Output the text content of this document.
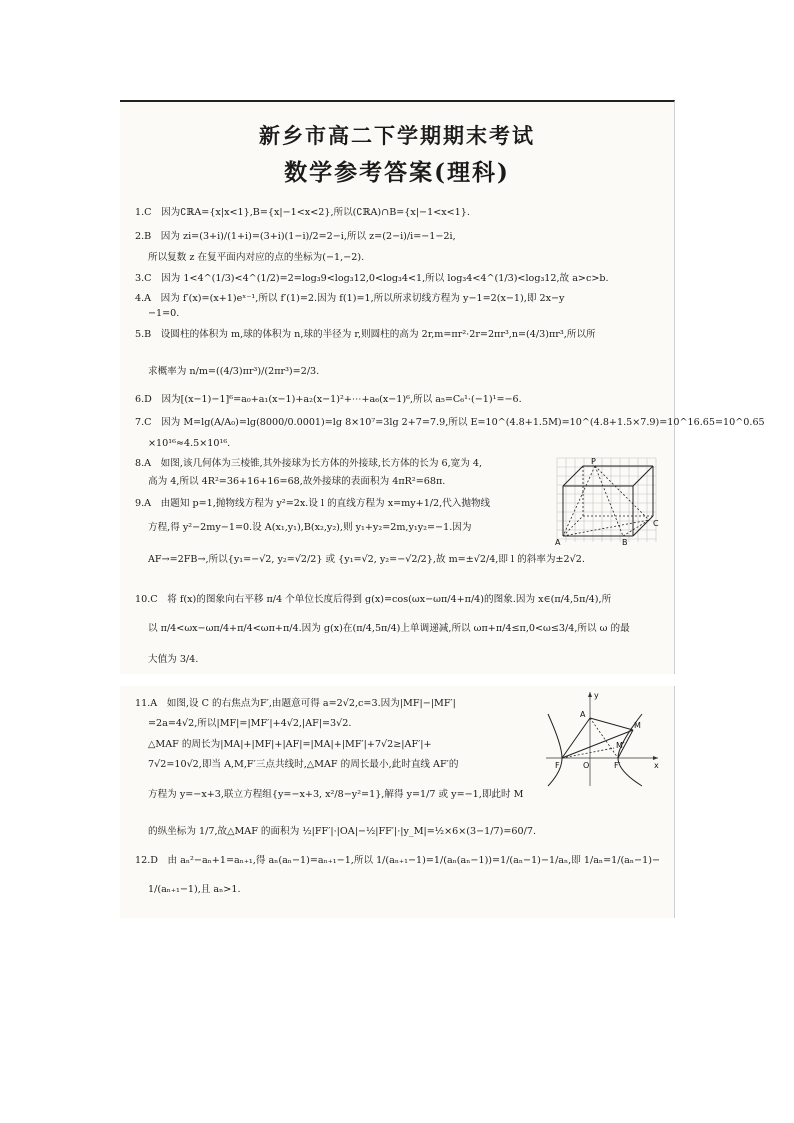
新乡市高二下学期期末考试
数学参考答案(理科)
1.C　因为∁ℝA={x|x<1},B={x|−1<x<2},所以(∁ℝA)∩B={x|−1<x<1}.
2.B　因为 zi=(3+i)/(1+i)=(3+i)(1−i)/2=2−i,所以 z=(2−i)/i=−1−2i,
所以复数 z 在复平面内对应的点的坐标为(−1,−2).
3.C　因为 1<4^(1/3)<4^(1/2)=2=log₃9<log₃12,0<log₃4<1,所以 log₃4<4^(1/3)<log₃12,故 a>c>b.
4.A　因为 f′(x)=(x+1)eˣ⁻¹,所以 f′(1)=2.因为 f(1)=1,所以所求切线方程为 y−1=2(x−1),即 2x−y
−1=0.
5.B　设圆柱的体积为 m,球的体积为 n,球的半径为 r,则圆柱的高为 2r,m=πr²·2r=2πr³,n=(4/3)πr³,所以所
求概率为 n/m=((4/3)πr³)/(2πr³)=2/3.
6.D　因为[(x−1)−1]⁶=a₀+a₁(x−1)+a₂(x−1)²+⋯+a₆(x−1)⁶,所以 a₅=C₆¹·(−1)¹=−6.
7.C　因为 M=lg(A/A₀)=lg(8000/0.0001)=lg 8×10⁷=3lg 2+7=7.9,所以 E=10^(4.8+1.5M)=10^(4.8+1.5×7.9)=10^16.65=10^0.65
×10¹⁶≈4.5×10¹⁶.
8.A　如图,该几何体为三棱锥,其外接球为长方体的外接球,长方体的长为 6,宽为 4,
高为 4,所以 4R²=36+16+16=68,故外接球的表面积为 4πR²=68π.
9.A　由题知 p=1,抛物线方程为 y²=2x.设 l 的直线方程为 x=my+1/2,代入抛物线
方程,得 y²−2my−1=0.设 A(x₁,y₁),B(x₂,y₂),则 y₁+y₂=2m,y₁y₂=−1.因为
AF→=2FB→,所以{y₁=−√2, y₂=√2/2} 或 {y₁=√2, y₂=−√2/2},故 m=±√2/4,即 l 的斜率为±2√2.
P
A	B
C
10.C　将 f(x)的图象向右平移 π/4 个单位长度后得到 g(x)=cos(ωx−ωπ/4+π/4)的图象.因为 x∈(π/4,5π/4),所
以 π/4<ωx−ωπ/4+π/4<ωπ+π/4.因为 g(x)在(π/4,5π/4)上单调递减,所以 ωπ+π/4≤π,0<ω≤3/4,所以 ω 的最
大值为 3/4.
11.A　如图,设 C 的右焦点为F′,由题意可得 a=2√2,c=3.因为|MF|−|MF′|
=2a=4√2,所以|MF|=|MF′|+4√2,|AF|=3√2.
△MAF 的周长为|MA|+|MF|+|AF|=|MA|+|MF′|+7√2≥|AF′|+
7√2=10√2,即当 A,M,F′三点共线时,△MAF 的周长最小,此时直线 AF′的
方程为 y=−x+3,联立方程组{y=−x+3, x²/8−y²=1},解得 y=1/7 或 y=−1,即此时 M
的纵坐标为 1/7,故△MAF 的面积为 ½|FF′|·|OA|−½|FF′|·|y_M|=½×6×(3−1/7)=60/7.
12.D　由 aₙ²−aₙ+1=aₙ₊₁,得 aₙ(aₙ−1)=aₙ₊₁−1,所以 1/(aₙ₊₁−1)=1/(aₙ(aₙ−1))=1/(aₙ−1)−1/aₙ,即 1/aₙ=1/(aₙ−1)−
1/(aₙ₊₁−1),且 aₙ>1.
A
M
M′
F	O	F′	x
y
